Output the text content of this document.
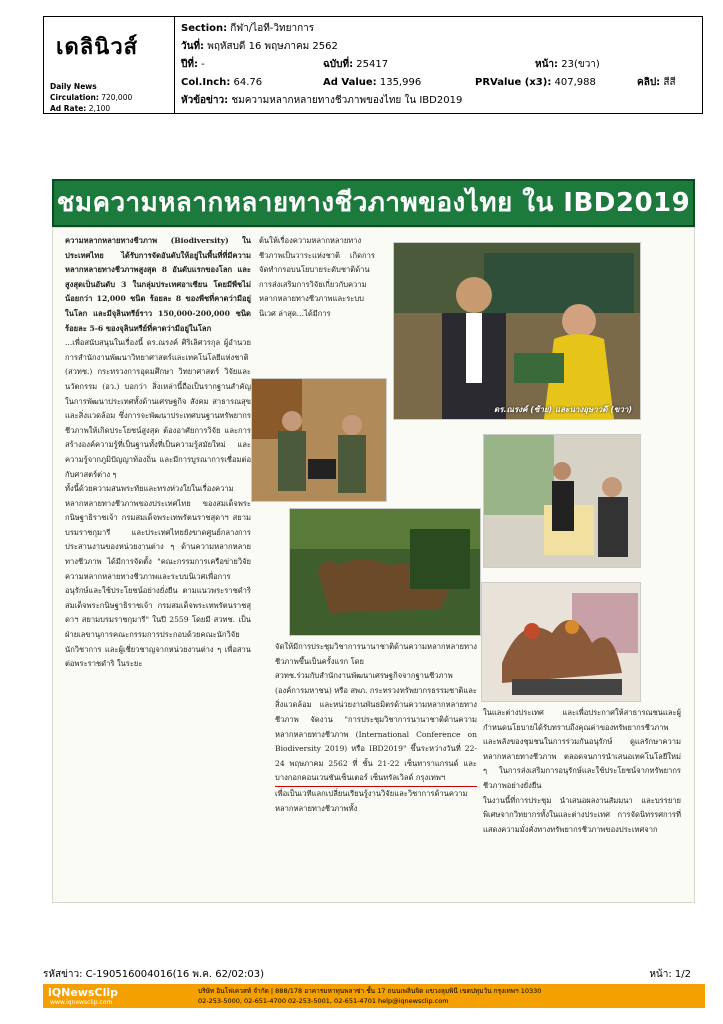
เดลินิวส์
Daily News
Circulation: 720,000
Ad Rate: 2,100
Section: กีฬา/ไอที-วิทยาการ
วันที่: พฤหัสบดี 16 พฤษภาคม 2562
ปีที่: -	ฉบับที่: 25417	หน้า: 23(ขวา)
Col.Inch: 64.76	Ad Value: 135,996	PRValue (x3): 407,988	คลิป: สีสี
หัวข้อข่าว: ชมความหลากหลายทางชีวภาพของไทย ใน IBD2019
ชมความหลากหลายทางชีวภาพของไทย ใน IBD2019

ความหลากหลายทางชีวภาพ (Biodiversity) ในประเทศไทย ได้รับการจัดอันดับให้อยู่ในพื้นที่ที่มีความหลากหลายทางชีวภาพสูงสุด 8 อันดับแรกของโลก และสูงสุดเป็นอันดับ 3 ในกลุ่มประเทศอาเซียน โดยมีพืชไม่น้อยกว่า 12,000 ชนิด ร้อยละ 8 ของพืชที่คาดว่ามีอยู่ในโลก และมีจุลินทรีย์ราว 150,000-200,000 ชนิด ร้อยละ 5-6 ของจุลินทรีย์ที่คาดว่ามีอยู่ในโลก

...เพื่อสนับสนุนในเรื่องนี้ ดร.ณรงค์ ศิริเลิศวรกุล ผู้อำนวยการสำนักงานพัฒนาวิทยาศาสตร์และเทคโนโลยีแห่งชาติ (สวทช.) กระทรวงการอุดมศึกษา วิทยาศาสตร์ วิจัยและนวัตกรรม (อว.) บอกว่า สิ่งเหล่านี้ถือเป็นรากฐานสำคัญในการพัฒนาประเทศทั้งด้านเศรษฐกิจ สังคม สาธารณสุข และสิ่งแวดล้อม ซึ่งการจะพัฒนาประเทศบนฐานทรัพยากรชีวภาพให้เกิดประโยชน์สูงสุด ต้องอาศัยการวิจัย และการสร้างองค์ความรู้ที่เป็นฐานทั้งที่เป็นความรู้สมัยใหม่ และความรู้จากภูมิปัญญาท้องถิ่น และมีการบูรณาการเชื่อมต่อกับศาสตร์ต่าง ๆ

ทั้งนี้ด้วยความสนพระทัยและทรงห่วงใยในเรื่องความหลากหลายทางชีวภาพของประเทศไทย ของสมเด็จพระกนิษฐาธิราชเจ้า กรมสมเด็จพระเทพรัตนราชสุดาฯ สยามบรมราชกุมารี และประเทศไทยยังขาดศูนย์กลางการประสานงานของหน่วยงานต่าง ๆ ด้านความหลากหลายทางชีวภาพ ได้มีการจัดตั้ง "คณะกรรมการเครือข่ายวิจัยความหลากหลายทางชีวภาพและระบบนิเวศเพื่อการอนุรักษ์และใช้ประโยชน์อย่างยั่งยืน ตามแนวพระราชดำริสมเด็จพระกนิษฐาธิราชเจ้า กรมสมเด็จพระเทพรัตนราชสุดาฯ สยามบรมราชกุมารี" ในปี 2559 โดยมี สวทช. เป็นฝ่ายเลขานุการคณะกรรมการประกอบด้วยคณะนักวิจัย นักวิชาการ และผู้เชี่ยวชาญจากหน่วยงานต่าง ๆ เพื่อสานต่อพระราชดำริ ในระยะ

ต้นให้เรื่องความหลากหลายทางชีวภาพเป็นวาระแห่งชาติ เกิดการจัดทำกรอบนโยบายระดับชาติด้านการส่งเสริมการวิจัยเกี่ยวกับความหลากหลายทางชีวภาพและระบบนิเวศ ล่าสุด...ได้มีการ

ดร.ณรงค์ (ซ้าย) และนางอุษาวดี (ขวา)

จัดให้มีการประชุมวิชาการนานาชาติด้านความหลากหลายทางชีวภาพขึ้นเป็นครั้งแรก โดย

สวทช.ร่วมกับสำนักงานพัฒนาเศรษฐกิจจากฐานชีวภาพ (องค์การมหาชน) หรือ สพภ. กระทรวงทรัพยากรธรรมชาติและสิ่งแวดล้อม และหน่วยงานพันธมิตรด้านความหลากหลายทางชีวภาพ จัดงาน "การประชุมวิชาการนานาชาติด้านความหลากหลายทางชีวภาพ (International Conference on Biodiversity 2019) หรือ IBD2019" ขึ้นระหว่างวันที่ 22-24 พฤษภาคม 2562 ที่ ชั้น 21-22 เซ็นทาราแกรนด์ และบางกอกคอนเวนชันเซ็นเตอร์ เซ็นทรัลเวิลด์ กรุงเทพฯ

เพื่อเป็นเวทีแลกเปลี่ยนเรียนรู้งานวิจัยและวิชาการด้านความหลากหลายทางชีวภาพทั้ง

ในและต่างประเทศ และเพื่อประกาศให้สาธารณชนและผู้กำหนดนโยบายได้รับทราบถึงคุณค่าของทรัพยากรชีวภาพ และพลังของชุมชนในการร่วมกันอนุรักษ์ ดูแลรักษาความหลากหลายทางชีวภาพ ตลอดจนการนำเสนอเทคโนโลยีใหม่ ๆ ในการส่งเสริมการอนุรักษ์และใช้ประโยชน์จากทรัพยากรชีวภาพอย่างยั่งยืน

ในงานนี้ที่การประชุม นำเสนอผลงานสัมมนา และบรรยายพิเศษจากวิทยากรทั้งในและต่างประเทศ การจัดนิทรรศการที่แสดงความมั่งคั่งทางทรัพยากรชีวภาพของประเทศจาก

รหัสข่าว: C-190516004016(16 พ.ค. 62/02:03)	หน้า: 1/2
iQNewsClip
www.iqnewsclip.com
บริษัท อินโฟเควสท์ จำกัด | 888/178 อาคารมหาทุนพลาซ่า ชั้น 17 ถนนเพลินจิต แขวงลุมพินี เขตปทุมวัน กรุงเทพฯ 10330
02-253-5000, 02-651-4700 02-253-5001, 02-651-4701 help@iqnewsclip.com
